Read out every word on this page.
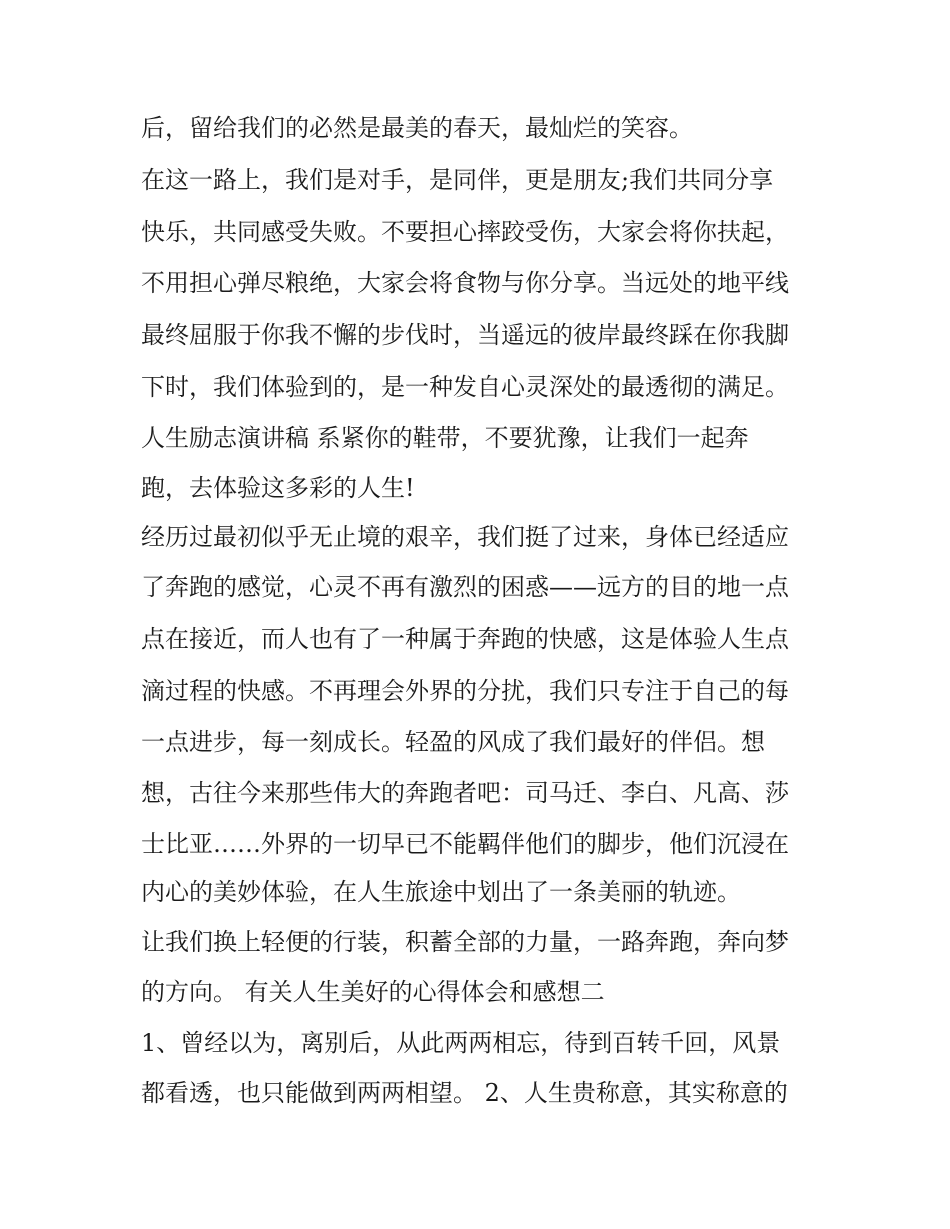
后，留给我们的必然是最美的春天，最灿烂的笑容。

在这一路上，我们是对手，是同伴，更是朋友;我们共同分享

快乐，共同感受失败。不要担心摔跤受伤，大家会将你扶起，

不用担心弹尽粮绝，大家会将食物与你分享。当远处的地平线

最终屈服于你我不懈的步伐时，当遥远的彼岸最终踩在你我脚

下时，我们体验到的，是一种发自心灵深处的最透彻的满足。

人生励志演讲稿 系紧你的鞋带，不要犹豫，让我们一起奔

跑，去体验这多彩的人生!

经历过最初似乎无止境的艰辛，我们挺了过来，身体已经适应

了奔跑的感觉，心灵不再有激烈的困惑——远方的目的地一点

点在接近，而人也有了一种属于奔跑的快感，这是体验人生点

滴过程的快感。不再理会外界的分扰，我们只专注于自己的每

一点进步，每一刻成长。轻盈的风成了我们最好的伴侣。想

想，古往今来那些伟大的奔跑者吧：司马迁、李白、凡高、莎

士比亚……外界的一切早已不能羁伴他们的脚步，他们沉浸在

内心的美妙体验，在人生旅途中划出了一条美丽的轨迹。

让我们换上轻便的行装，积蓄全部的力量，一路奔跑，奔向梦

的方向。 有关人生美好的心得体会和感想二

1、曾经以为，离别后，从此两两相忘，待到百转千回，风景

都看透，也只能做到两两相望。 2、人生贵称意，其实称意的
